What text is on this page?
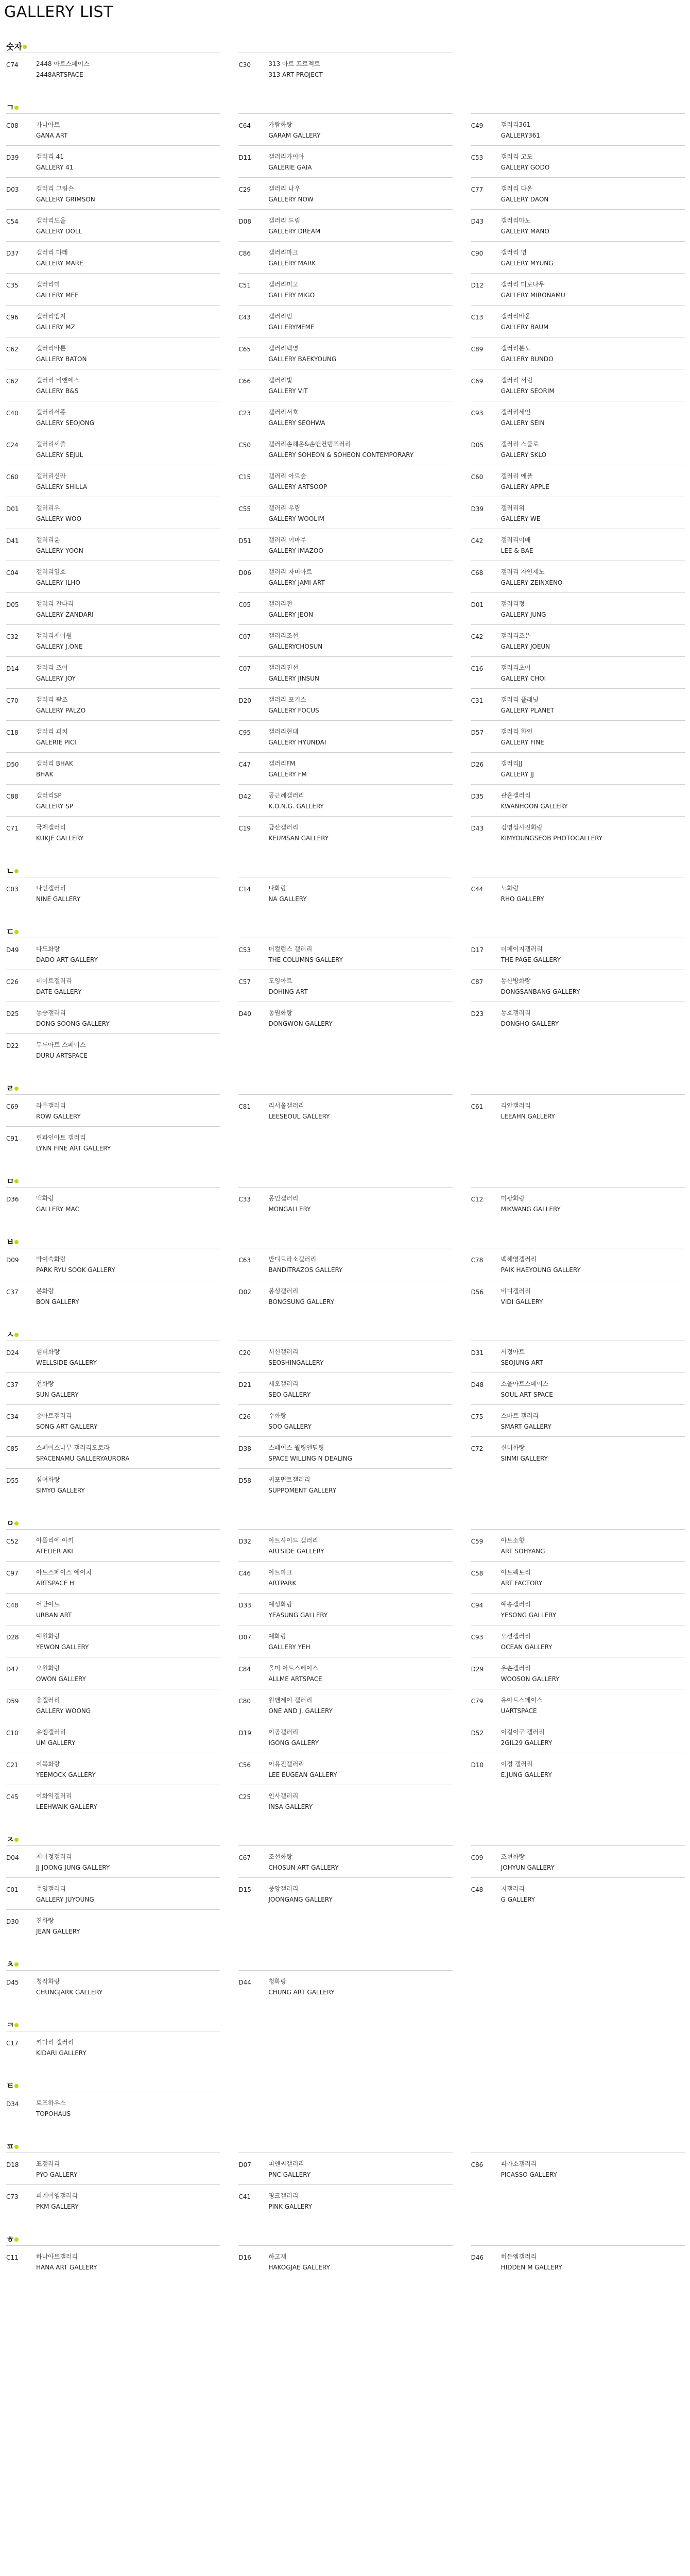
GALLERY LIST
숫자
C74	2448 아트스페이스
2448ARTSPACE
C30	313 아트 프로젝트
313 ART PROJECT
ㄱ
C08	가나아트
GANA ART
C64	가람화랑
GARAM GALLERY
C49	갤러리361
GALLERY361
D39	갤러리 41
GALLERY 41
D11	갤러리가이아
GALERIE GAIA
C53	갤러리 고도
GALLERY GODO
D03	갤러리 그림손
GALLERY GRIMSON
C29	갤러리 나우
GALLERY NOW
C77	갤러리 다온
GALLERY DAON
C54	갤러리도올
GALLERY DOLL
D08	갤러리 드림
GALLERY DREAM
D43	갤러리마노
GALLERY MANO
D37	갤러리 마레
GALLERY MARE
C86	갤러리마크
GALLERY MARK
C90	갤러리 명
GALLERY MYUNG
C35	갤러리미
GALLERY MEE
C51	갤러리미고
GALLERY MIGO
D12	갤러리 미로나무
GALLERY MIRONAMU
C96	갤러리엠지
GALLERY MZ
C43	갤러리밈
GALLERYMEME
C13	갤러리바움
GALLERY BAUM
C62	갤러리바톤
GALLERY BATON
C65	갤러리백영
GALLERY BAEKYOUNG
C89	갤러리분도
GALLERY BUNDO
C62	갤러리 비앤에스
GALLERY B&S
C66	갤러리빛
GALLERY VIT
C69	갤러리 서림
GALLERY SEORIM
C40	갤러리서종
GALLERY SEOJONG
C23	갤러리서호
GALLERY SEOHWA
C93	갤러리세인
GALLERY SEIN
C24	갤러리세줄
GALLERY SEJUL
C50	갤러리손헤온&손앤컨템포러리
GALLERY SOHEON & SOHEON CONTEMPORARY
D05	갤러리 스클로
GALLERY SKLO
C60	갤러리신라
GALLERY SHILLA
C15	갤러리 아트숲
GALLERY ARTSOOP
C60	갤러리 애플
GALLERY APPLE
D01	갤러리우
GALLERY WOO
C55	갤러리 우림
GALLERY WOOLIM
D39	갤러리위
GALLERY WE
D41	갤러리윤
GALLERY YOON
D51	갤러리 이마주
GALLERY IMAZOO
C42	갤러리이배
LEE & BAE
C04	갤러리일호
GALLERY ILHO
D06	갤러리 자미아트
GALLERY JAMI ART
C68	갤러리 자인제노
GALLERY ZEINXENO
D05	갤러리 잔다리
GALLERY ZANDARI
C05	갤러리전
GALLERY JEON
D01	갤러리정
GALLERY JUNG
C32	갤러리제이원
GALLERY J.ONE
C07	갤러리조선
GALLERYCHOSUN
C42	갤러리조은
GALLERY JOEUN
D14	갤러리 조이
GALLERY JOY
C07	갤러리진선
GALLERY JINSUN
C16	갤러리초이
GALLERY CHOI
C70	갤러리 팔조
GALLERY PALZO
D20	갤러리 포커스
GALLERY FOCUS
C31	갤러리 플래닛
GALLERY PLANET
C18	갤러리 피치
GALERIE PICI
C95	갤러리현대
GALLERY HYUNDAI
D57	갤러리 화인
GALLERY FINE
D50	갤러리 BHAK
BHAK
C47	갤러리FM
GALLERY FM
D26	갤러리JJ
GALLERY JJ
C88	갤러리SP
GALLERY SP
D42	공근혜갤러리
K.O.N.G. GALLERY
D35	관훈갤러리
KWANHOON GALLERY
C71	국제갤러리
KUKJE GALLERY
C19	금산갤러리
KEUMSAN GALLERY
D43	김영섭사진화랑
KIMYOUNGSEOB PHOTOGALLERY
ㄴ
C03	나인갤러리
NINE GALLERY
C14	나화랑
NA GALLERY
C44	노화랑
RHO GALLERY
ㄷ
D49	다도화랑
DADO ART GALLERY
C53	더컬럼스 갤러리
THE COLUMNS GALLERY
D17	더페이지갤러리
THE PAGE GALLERY
C26	데이트갤러리
DATE GALLERY
C57	도잉아트
DOHING ART
C87	동산방화랑
DONGSANBANG GALLERY
D25	동숭갤러리
DONG SOONG GALLERY
D40	동원화랑
DONGWON GALLERY
D23	동호갤러리
DONGHO GALLERY
D22	두루아트 스페이스
DURU ARTSPACE
ㄹ
C69	라우갤러리
ROW GALLERY
C81	리서울갤러리
LEESEOUL GALLERY
C61	리안갤러리
LEEAHN GALLERY
C91	린파인아트 갤러리
LYNN FINE ART GALLERY
ㅁ
D36	맥화랑
GALLERY MAC
C33	몽인갤러리
MONGALLERY
C12	미광화랑
MIKWANG GALLERY
ㅂ
D09	박여숙화랑
PARK RYU SOOK GALLERY
C63	반디트라소갤러리
BANDITRAZOS GALLERY
C78	백해영갤러리
PAIK HAEYOUNG GALLERY
C37	본화랑
BON GALLERY
D02	봉성갤러리
BONGSUNG GALLERY
D56	비디갤러리
VIDI GALLERY
ㅅ
D24	샘터화랑
WELLSIDE GALLERY
C20	서신갤러리
SEOSHINGALLERY
D31	서정아트
SEOJUNG ART
C37	선화랑
SUN GALLERY
D21	세오갤러리
SEO GALLERY
D48	소울아트스페이스
SOUL ART SPACE
C34	송아트갤러리
SONG ART GALLERY
C26	수화랑
SOO GALLERY
C75	스마트 갤러리
SMART GALLERY
C85	스페이스나무 갤러리오로라
SPACENAMU GALLERYAURORA
D38	스페이스 윌링앤딜링
SPACE WILLING N DEALING
C72	신미화랑
SINMI GALLERY
D55	심여화랑
SIMYO GALLERY
D58	써포먼트갤러리
SUPPOMENT GALLERY
ㅇ
C52	아뜰리에 아키
ATELIER AKI
D32	아트사이드 갤러리
ARTSIDE GALLERY
C59	아트소향
ART SOHYANG
C97	아트스페이스 에이치
ARTSPACE H
C46	아트파크
ARTPARK
C58	아트팩토리
ART FACTORY
C48	어반아트
URBAN ART
D33	예성화랑
YEASUNG GALLERY
C94	예송갤러리
YESONG GALLERY
D28	예원화랑
YEWON GALLERY
D07	예화랑
GALLERY YEH
C93	오션갤러리
OCEAN GALLERY
D47	오원화랑
OWON GALLERY
C84	올미 아트스페이스
ALLME ARTSPACE
D29	우손갤러리
WOOSON GALLERY
D59	웅갤러리
GALLERY WOONG
C80	원앤제이 갤러리
ONE AND J. GALLERY
C79	유아트스페이스
UARTSPACE
C10	유엠갤러리
UM GALLERY
D19	이공갤러리
IGONG GALLERY
D52	이길이구 갤러리
2GIL29 GALLERY
C21	이목화랑
YEEMOCK GALLERY
C56	이유진갤러리
LEE EUGEAN GALLERY
D10	이정 갤러리
E.JUNG GALLERY
C45	이화익갤러리
LEEHWAIK GALLERY
C25	인사갤러리
INSA GALLERY
ㅈ
D04	제이정갤러리
JJ JOONG JUNG GALLERY
C67	조선화랑
CHOSUN ART GALLERY
C09	조현화랑
JOHYUN GALLERY
C01	주영갤러리
GALLERY JUYOUNG
D15	중앙갤러리
JOONGANG GALLERY
C48	지갤러리
G GALLERY
D30	진화랑
JEAN GALLERY
ㅊ
D45	청작화랑
CHUNGJARK GALLERY
D44	청화랑
CHUNG ART GALLERY
ㅋ
C17	키다리 갤러리
KIDARI GALLERY
ㅌ
D34	토포하우스
TOPOHAUS
ㅍ
D18	표갤러리
PYO GALLERY
D07	피앤씨갤러리
PNC GALLERY
C86	피카소갤러리
PICASSO GALLERY
C73	피케이엠갤러리
PKM GALLERY
C41	핑크갤러리
PINK GALLERY
ㅎ
C11	하나아트갤러리
HANA ART GALLERY
D16	하고재
HAKOGJAE GALLERY
D46	히든엠갤러리
HIDDEN M GALLERY
